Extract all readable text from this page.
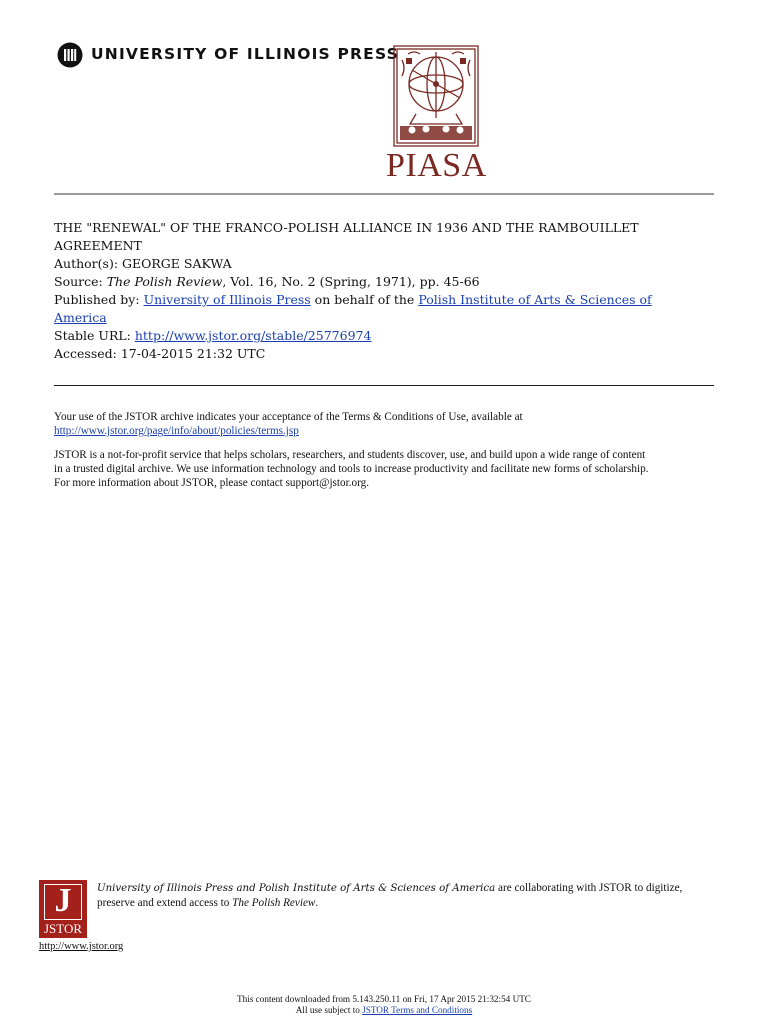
UNIVERSITY OF ILLINOIS PRESS
PIASA
THE "RENEWAL" OF THE FRANCO-POLISH ALLIANCE IN 1936 AND THE RAMBOUILLET
AGREEMENT
Author(s): GEORGE SAKWA
Source: The Polish Review, Vol. 16, No. 2 (Spring, 1971), pp. 45-66
Published by: University of Illinois Press on behalf of the Polish Institute of Arts & Sciences of
America
Stable URL: http://www.jstor.org/stable/25776974
Accessed: 17-04-2015 21:32 UTC
Your use of the JSTOR archive indicates your acceptance of the Terms & Conditions of Use, available at
http://www.jstor.org/page/info/about/policies/terms.jsp
JSTOR is a not-for-profit service that helps scholars, researchers, and students discover, use, and build upon a wide range of content
in a trusted digital archive. We use information technology and tools to increase productivity and facilitate new forms of scholarship.
For more information about JSTOR, please contact support@jstor.org.
J
JSTOR
http://www.jstor.org
University of Illinois Press and Polish Institute of Arts & Sciences of America are collaborating with JSTOR to digitize,
preserve and extend access to The Polish Review.
This content downloaded from 5.143.250.11 on Fri, 17 Apr 2015 21:32:54 UTC
All use subject to JSTOR Terms and Conditions
